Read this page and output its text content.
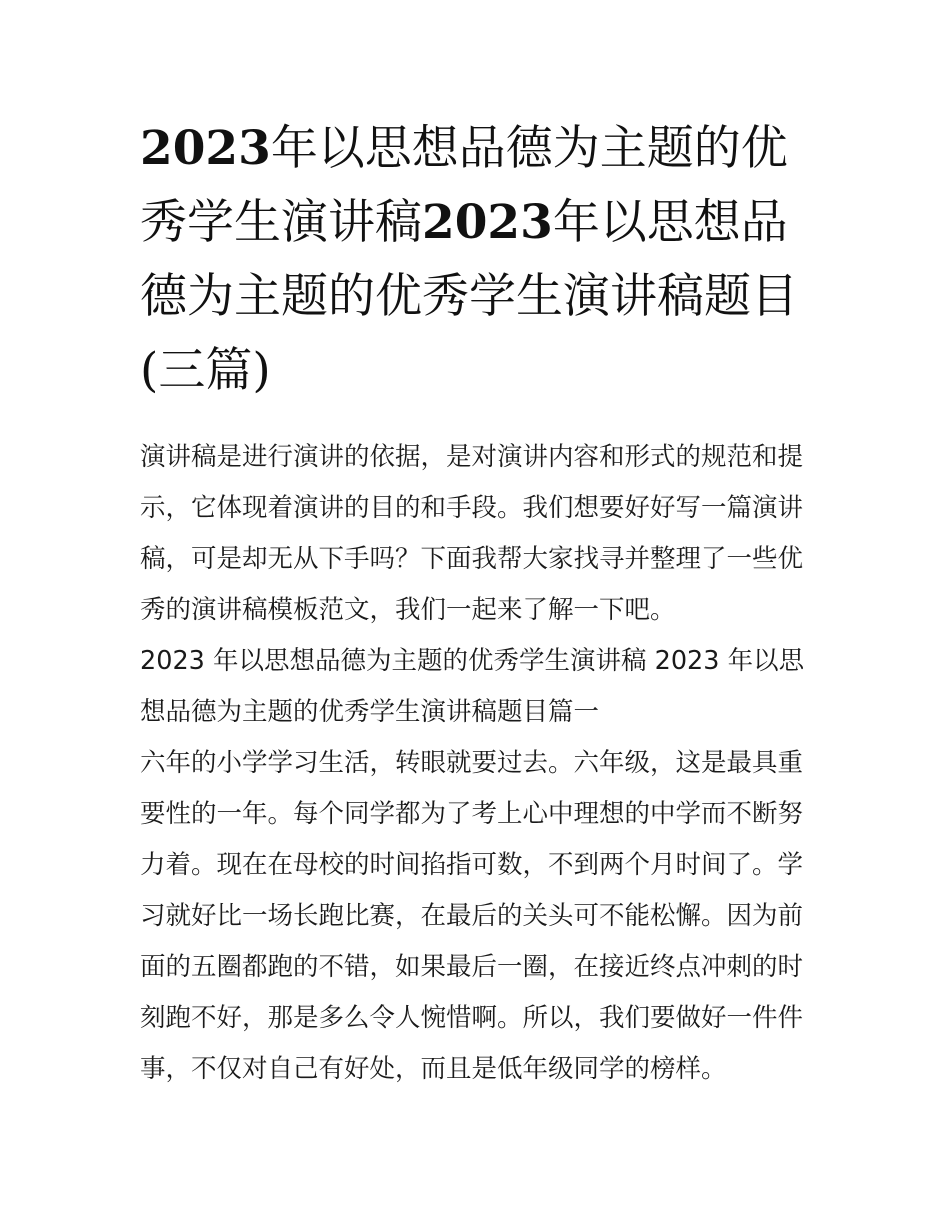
2023年以思想品德为主题的优秀学生演讲稿2023年以思想品德为主题的优秀学生演讲稿题目(三篇)

演讲稿是进行演讲的依据，是对演讲内容和形式的规范和提示，它体现着演讲的目的和手段。我们想要好好写一篇演讲稿，可是却无从下手吗？下面我帮大家找寻并整理了一些优秀的演讲稿模板范文，我们一起来了解一下吧。

2023 年以思想品德为主题的优秀学生演讲稿 2023 年以思想品德为主题的优秀学生演讲稿题目篇一

六年的小学学习生活，转眼就要过去。六年级，这是最具重要性的一年。每个同学都为了考上心中理想的中学而不断努力着。现在在母校的时间掐指可数，不到两个月时间了。学习就好比一场长跑比赛，在最后的关头可不能松懈。因为前面的五圈都跑的不错，如果最后一圈，在接近终点冲刺的时刻跑不好，那是多么令人惋惜啊。所以，我们要做好一件件事，不仅对自己有好处，而且是低年级同学的榜样。
